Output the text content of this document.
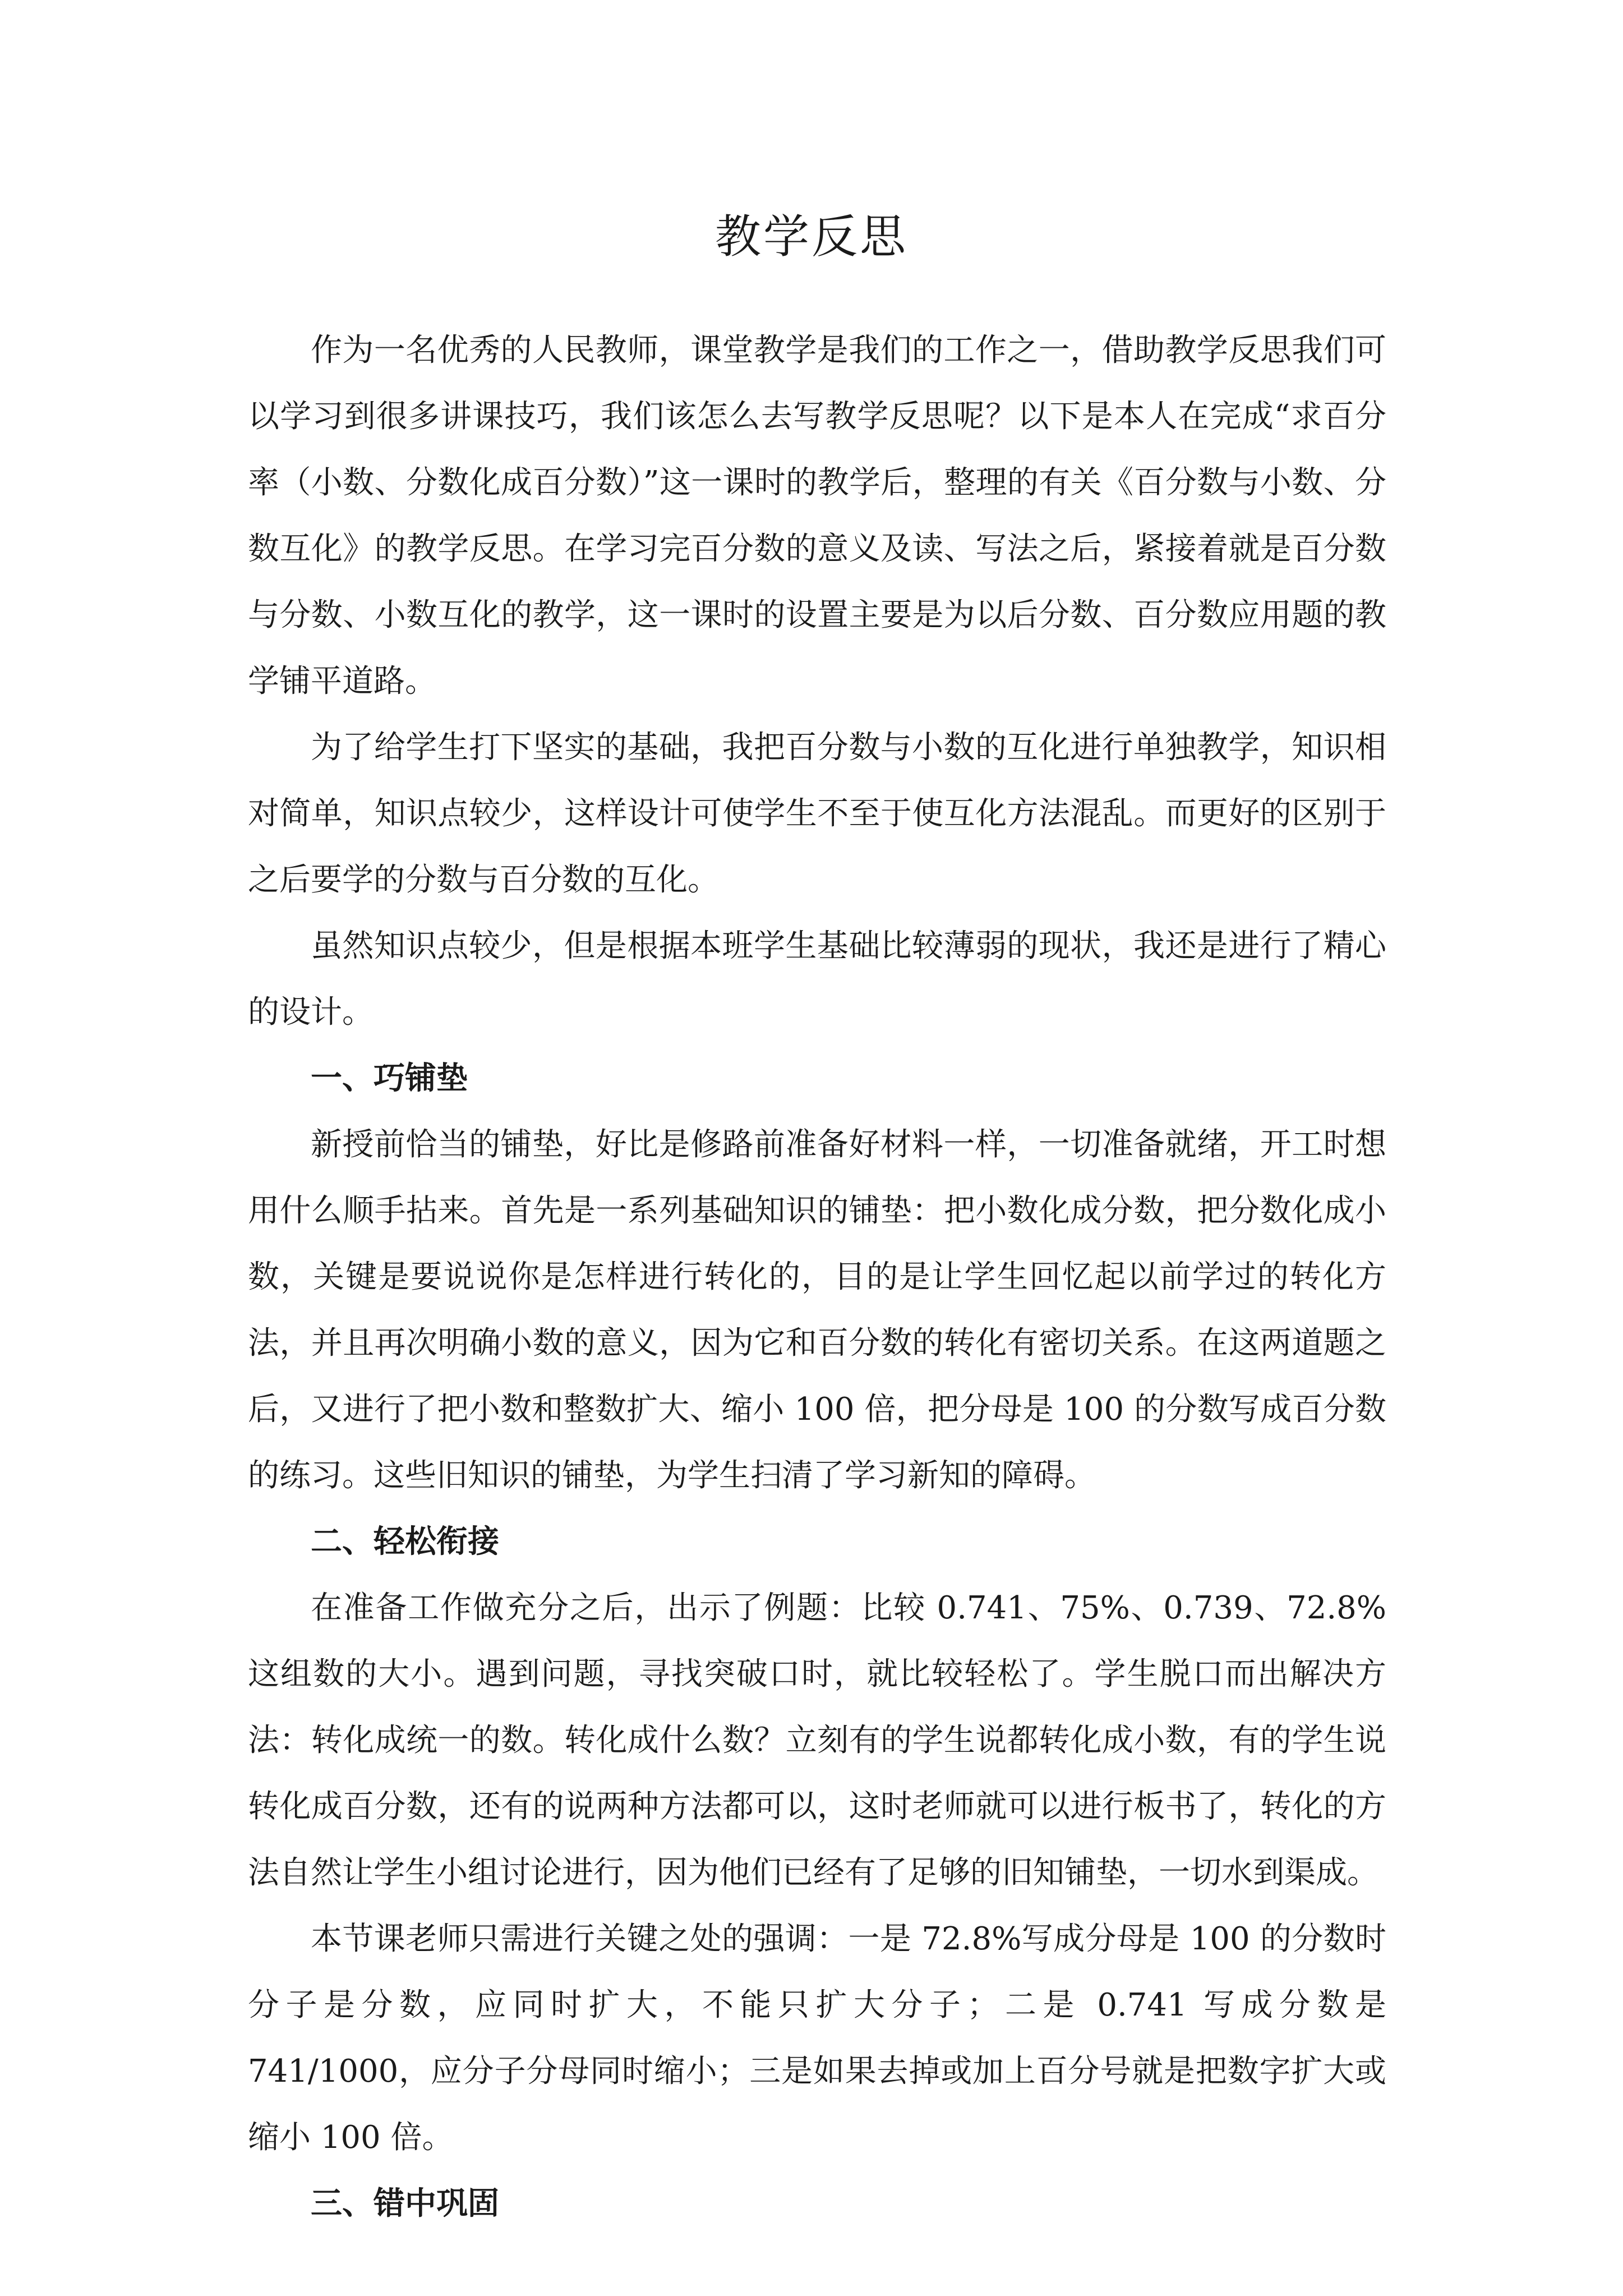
教学反思

作为一名优秀的人民教师，课堂教学是我们的工作之一，借助教学反思我们可以学习到很多讲课技巧，我们该怎么去写教学反思呢？以下是本人在完成“求百分率（小数、分数化成百分数）”这一课时的教学后，整理的有关《百分数与小数、分数互化》的教学反思。在学习完百分数的意义及读、写法之后，紧接着就是百分数与分数、小数互化的教学，这一课时的设置主要是为以后分数、百分数应用题的教学铺平道路。

为了给学生打下坚实的基础，我把百分数与小数的互化进行单独教学，知识相对简单，知识点较少，这样设计可使学生不至于使互化方法混乱。而更好的区别于之后要学的分数与百分数的互化。

虽然知识点较少，但是根据本班学生基础比较薄弱的现状，我还是进行了精心的设计。

一、巧铺垫

新授前恰当的铺垫，好比是修路前准备好材料一样，一切准备就绪，开工时想用什么顺手拈来。首先是一系列基础知识的铺垫：把小数化成分数，把分数化成小数，关键是要说说你是怎样进行转化的，目的是让学生回忆起以前学过的转化方法，并且再次明确小数的意义，因为它和百分数的转化有密切关系。在这两道题之后，又进行了把小数和整数扩大、缩小 100 倍，把分母是 100 的分数写成百分数的练习。这些旧知识的铺垫，为学生扫清了学习新知的障碍。

二、轻松衔接

在准备工作做充分之后，出示了例题：比较 0.741、75%、0.739、72.8%这组数的大小。遇到问题，寻找突破口时，就比较轻松了。学生脱口而出解决方法：转化成统一的数。转化成什么数？立刻有的学生说都转化成小数，有的学生说转化成百分数，还有的说两种方法都可以，这时老师就可以进行板书了，转化的方法自然让学生小组讨论进行，因为他们已经有了足够的旧知铺垫，一切水到渠成。

本节课老师只需进行关键之处的强调：一是 72.8%写成分母是 100 的分数时分子是分数，应同时扩大，不能只扩大分子；二是 0.741 写成分数是 741/1000，应分子分母同时缩小；三是如果去掉或加上百分号就是把数字扩大或缩小 100 倍。

三、错中巩固
